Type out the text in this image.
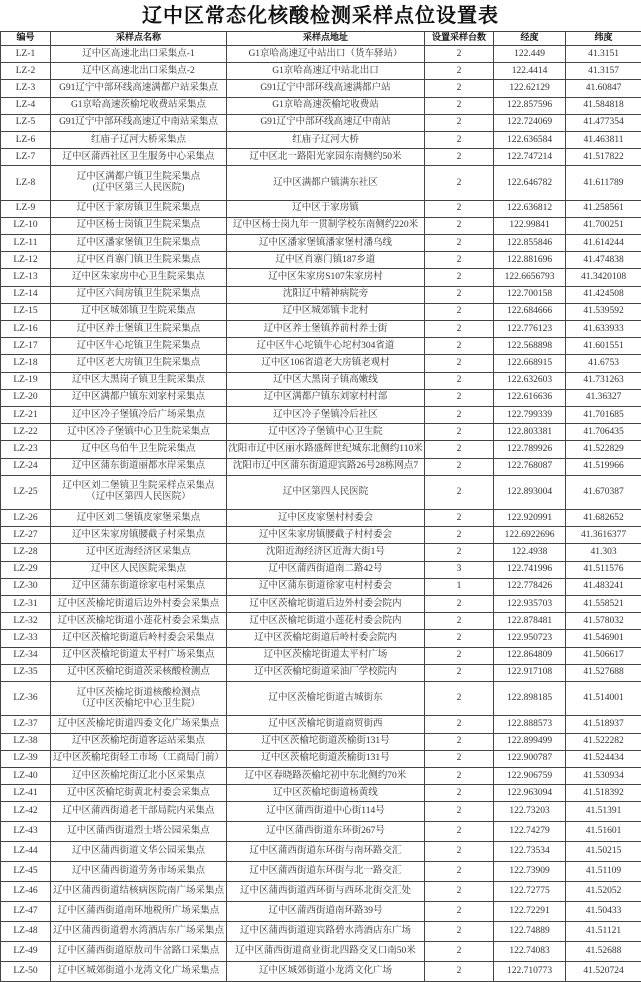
辽中区常态化核酸检测采样点位设置表
编号	采样点名称	采样点地址	设置采样台数	经度	纬度
LZ-1	辽中区高速北出口采集点-1	G1京哈高速辽中站出口（货车驿站）	2	122.449	41.3151
LZ-2	辽中区高速北出口采集点-2	G1京哈高速辽中站北出口	2	122.4414	41.3157
LZ-3	G91辽宁中部环线高速满都户站采集点	G91辽宁中部环线高速满都户站	2	122.62129	41.60847
LZ-4	G1京哈高速茨榆坨收费站采集点	G1京哈高速茨榆坨收费站	2	122.857596	41.584818
LZ-5	G91辽宁中部环线高速辽中南站采集点	G91辽宁中部环线高速辽中南站	2	122.724069	41.477354
LZ-6	红庙子辽河大桥采集点	红庙子辽河大桥	2	122.636584	41.463811
LZ-7	辽中区蒲西社区卫生服务中心采集点	辽中区北一路阳光家园东南侧约50米	2	122.747214	41.517822
LZ-8	辽中区满都户镇卫生院采集点
(辽中区第三人民医院)	辽中区满都户镇满东社区	2	122.646782	41.611789
LZ-9	辽中区于家房镇卫生院采集点	辽中区于家房镇	2	122.636812	41.258561
LZ-10	辽中区杨士岗镇卫生院采集点	辽中区杨士岗九年一贯制学校东南侧约220米	2	122.99841	41.700251
LZ-11	辽中区潘家堡镇卫生院采集点	辽中区潘家堡镇潘家堡村潘乌线	2	122.855846	41.614244
LZ-12	辽中区肖寨门镇卫生院采集点	辽中区肖寨门镇187乡道	2	122.881696	41.474838
LZ-13	辽中区朱家房中心卫生院采集点	辽中区朱家房S107朱家房村	2	122.6656793	41.3420108
LZ-14	辽中区六间房镇卫生院采集点	沈阳辽中精神病院旁	2	122.700158	41.424508
LZ-15	辽中区城郊镇卫生院采集点	辽中区城郊镇卡北村	2	122.684666	41.539592
LZ-16	辽中区养士堡镇卫生院采集点	辽中区养士堡镇养前村养士街	2	122.776123	41.633933
LZ-17	辽中区牛心坨镇卫生院采集点	辽中区牛心坨镇牛心坨村304省道	2	122.568898	41.601551
LZ-18	辽中区老大房镇卫生院采集点	辽中区106省道老大房镇老观村	2	122.668915	41.6753
LZ-19	辽中区大黑岗子镇卫生院采集点	辽中区大黑岗子镇高嫩线	2	122.632603	41.731263
LZ-20	辽中区满都户镇东刘家村采集点	辽中区满都户镇东刘家村村部	2	122.616636	41.36327
LZ-21	辽中区冷子堡镇冷后广场采集点	辽中区冷子堡镇冷后社区	2	122.799339	41.701685
LZ-22	辽中区冷子堡镇中心卫生院采集点	辽中区冷子堡镇中心卫生院	2	122.803381	41.706435
LZ-23	辽中区乌伯牛卫生院采集点	沈阳市辽中区丽水路盛辉世纪城东北侧约110米	2	122.789926	41.522829
LZ-24	辽中区蒲东街道丽都水岸采集点	沈阳市辽中区蒲东街道迎宾路26号28栋网点7	2	122.768087	41.519966
LZ-25	辽中区刘二堡镇卫生院采样点采集点
（辽中区第四人民医院）	辽中区第四人民医院	2	122.893004	41.670387
LZ-26	辽中区刘二堡镇皮家堡采集点	辽中区皮家堡村村委会	2	122.920991	41.682652
LZ-27	辽中区朱家房镇腰截子村采集点	辽中区朱家房镇腰截子村村委会	2	122.6922696	41.3616377
LZ-28	辽中区近海经济区采集点	沈阳近海经济区近海大街1号	2	122.4938	41.303
LZ-29	辽中区人民医院采集点	辽中区蒲西街道南二路42号	3	122.741996	41.511576
LZ-30	辽中区蒲东街道徐家屯村采集点	辽中区蒲东街道徐家屯村村委会	1	122.778426	41.483241
LZ-31	辽中区茨榆坨街道后边外村委会采集点	辽中区茨榆坨街道后边外村委会院内	2	122.935703	41.558521
LZ-32	辽中区茨榆坨街道小莲花村委会采集点	辽中区茨榆坨街道小莲花村委会院内	2	122.878481	41.578032
LZ-33	辽中区茨榆坨街道后岭村委会采集点	辽中区茨榆坨街道后岭村委会院内	2	122.950723	41.546901
LZ-34	辽中区茨榆坨街道太平村广场采集点	辽中区茨榆坨街道太平村广场	2	122.864809	41.506617
LZ-35	辽中区茨榆坨街道茨采核酸检测点	辽中区茨榆坨街道采油厂学校院内	2	122.917108	41.527688
LZ-36	辽中区茨榆坨街道核酸检测点
（辽中区茨榆坨中心卫生院）	辽中区茨榆坨街道古城街东	2	122.898185	41.514001
LZ-37	辽中区茨榆坨街道四委文化广场采集点	辽中区茨榆坨街道商贸街西	2	122.888573	41.518937
LZ-38	辽中区茨榆坨街道客运站采集点	辽中区茨榆坨街道茨榆街131号	2	122.899499	41.522282
LZ-39	辽中区茨榆坨街轻工市场（工商局门前）	辽中区茨榆坨街道茨榆街131号	2	122.900787	41.524434
LZ-40	辽中区茨榆坨街辽北小区采集点	辽中区春晓路茨榆坨初中东北侧约70米	2	122.906759	41.530934
LZ-41	辽中区茨榆坨街黄北村委会采集点	辽中区茨榆坨街道杨黄线	2	122.963094	41.518392
LZ-42	辽中区蒲西街道老干部局院内采集点	辽中区蒲西街道中心街114号	2	122.73203	41.51391
LZ-43	辽中区蒲西街道烈士塔公园采集点	辽中区蒲西街道东环街267号	2	122.74279	41.51601
LZ-44	辽中区蒲西街道文华公园采集点	辽中区蒲西街道东环街与南环路交汇	2	122.73534	41.50215
LZ-45	辽中区蒲西街道劳务市场采集点	辽中区蒲西街道东环街与北一路交汇	2	122.73909	41.51109
LZ-46	辽中区蒲西街道结核病医院南广场采集点	辽中区蒲西街道西环街与西环北街交汇处	2	122.72775	41.52052
LZ-47	辽中区蒲西街道南环地税所广场采集点	辽中区蒲西街道南环路39号	2	122.72291	41.50433
LZ-48	辽中区蒲西街道碧水湾酒店东广场采集点	辽中区蒲西街道迎宾路碧水湾酒店东广场	2	122.74889	41.51121
LZ-49	辽中区蒲西街道原敖司牛岔路口采集点	辽中区蒲西街道商业街北四路交叉口南50米	2	122.74083	41.52688
LZ-50	辽中区城郊街道小龙湾文化广场采集点	辽中区城郊街道小龙湾文化广场	2	122.710773	41.520724
